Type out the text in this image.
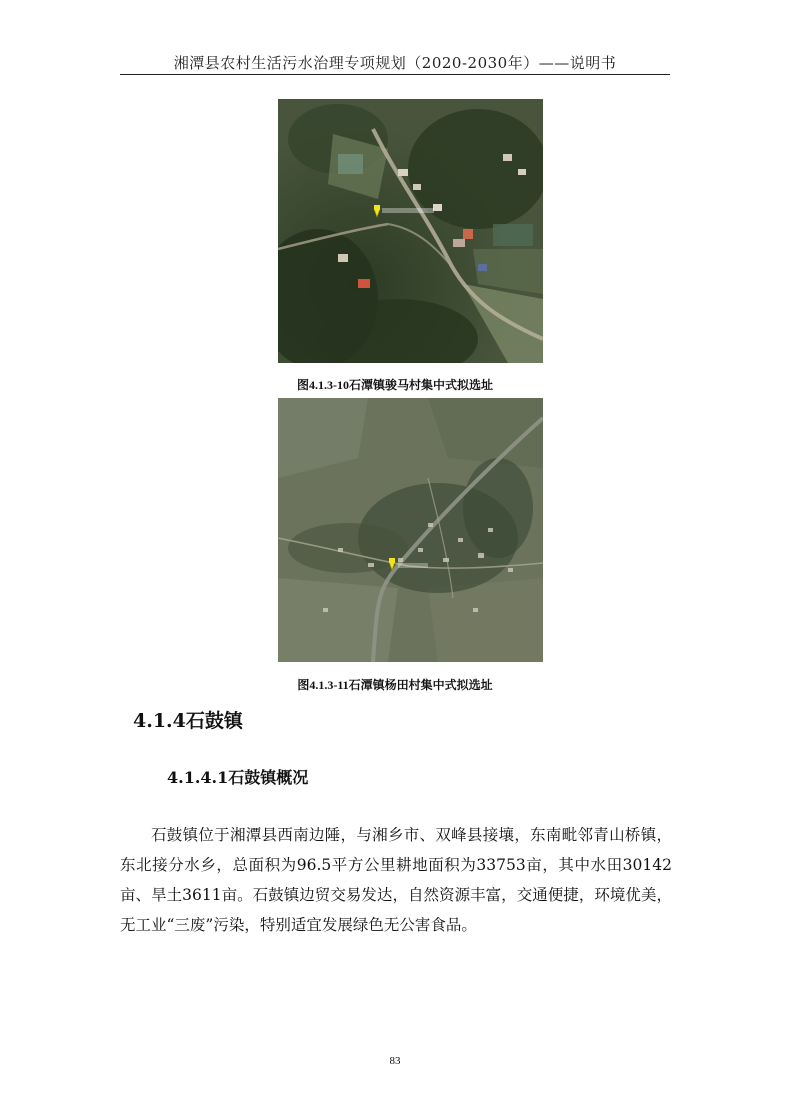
湘潭县农村生活污水治理专项规划（2020-2030年）——说明书
图4.1.3-10石潭镇骏马村集中式拟选址
图4.1.3-11石潭镇杨田村集中式拟选址
4.1.4石鼓镇
4.1.4.1石鼓镇概况

石鼓镇位于湘潭县西南边陲，与湘乡市、双峰县接壤，东南毗邻青山桥镇，东北接分水乡，总面积为96.5平方公里耕地面积为33753亩，其中水田30142亩、旱土3611亩。石鼓镇边贸交易发达，自然资源丰富，交通便捷，环境优美，无工业“三废”污染，特别适宜发展绿色无公害食品。

83
